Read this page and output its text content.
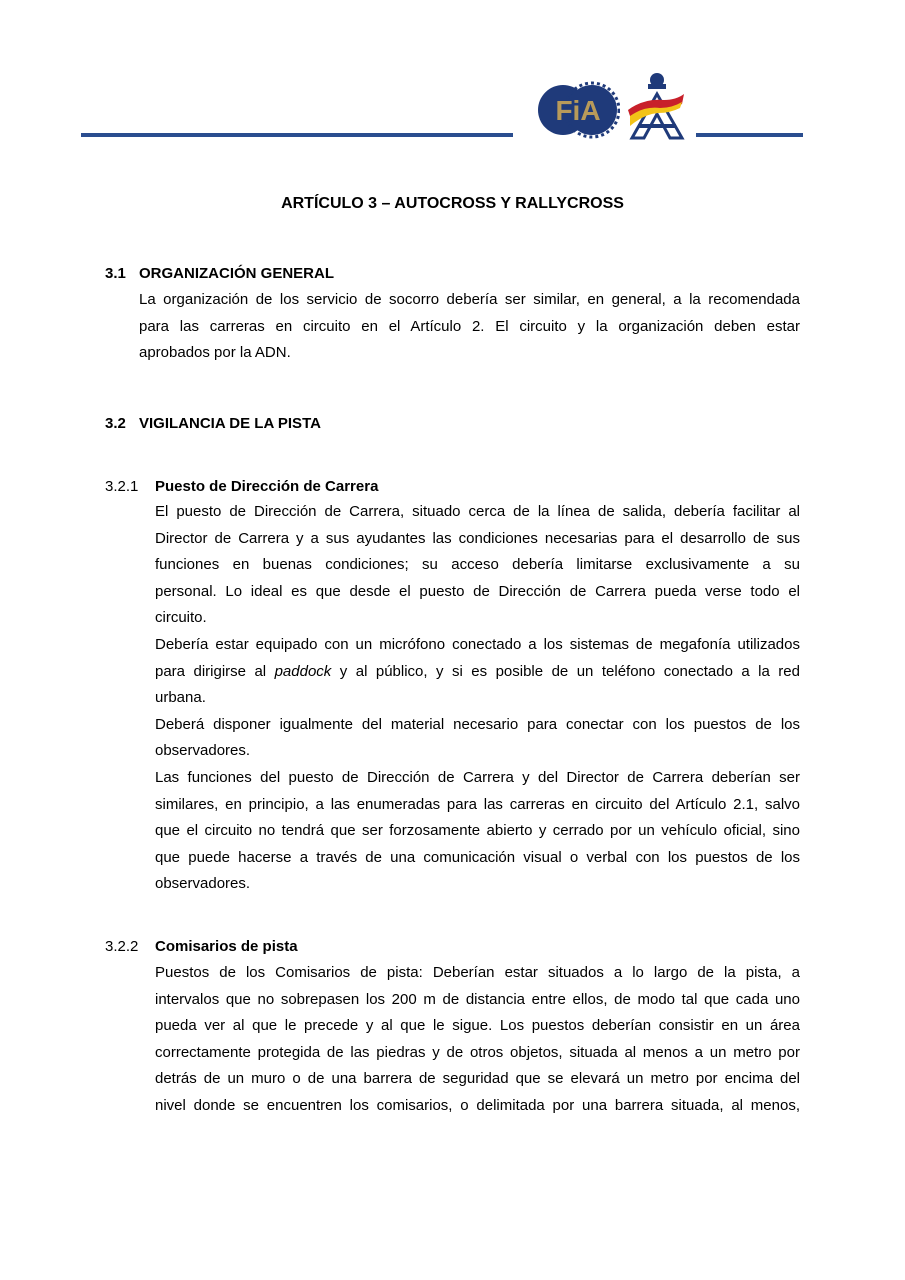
FiA
ARTÍCULO 3 – AUTOCROSS Y RALLYCROSS
3.1 ORGANIZACIÓN GENERAL
La organización de los servicio de socorro debería ser similar, en general, a la recomendada
para las carreras en circuito en el Artículo 2. El circuito y la organización deben estar
aprobados por la ADN.
3.2 VIGILANCIA DE LA PISTA
3.2.1 Puesto de Dirección de Carrera
El puesto de Dirección de Carrera, situado cerca de la línea de salida, debería facilitar al
Director de Carrera y a sus ayudantes las condiciones necesarias para el desarrollo de sus
funciones en buenas condiciones; su acceso debería limitarse exclusivamente a su
personal. Lo ideal es que desde el puesto de Dirección de Carrera pueda verse todo el
circuito.
Debería estar equipado con un micrófono conectado a los sistemas de megafonía utilizados
para dirigirse al paddock y al público, y si es posible de un teléfono conectado a la red
urbana.
Deberá disponer igualmente del material necesario para conectar con los puestos de los
observadores.
Las funciones del puesto de Dirección de Carrera y del Director de Carrera deberían ser
similares, en principio, a las enumeradas para las carreras en circuito del Artículo 2.1, salvo
que el circuito no tendrá que ser forzosamente abierto y cerrado por un vehículo oficial, sino
que puede hacerse a través de una comunicación visual o verbal con los puestos de los
observadores.
3.2.2 Comisarios de pista
Puestos de los Comisarios de pista: Deberían estar situados a lo largo de la pista, a
intervalos que no sobrepasen los 200 m de distancia entre ellos, de modo tal que cada uno
pueda ver al que le precede y al que le sigue. Los puestos deberían consistir en un área
correctamente protegida de las piedras y de otros objetos, situada al menos a un metro por
detrás de un muro o de una barrera de seguridad que se elevará un metro por encima del
nivel donde se encuentren los comisarios, o delimitada por una barrera situada, al menos,
